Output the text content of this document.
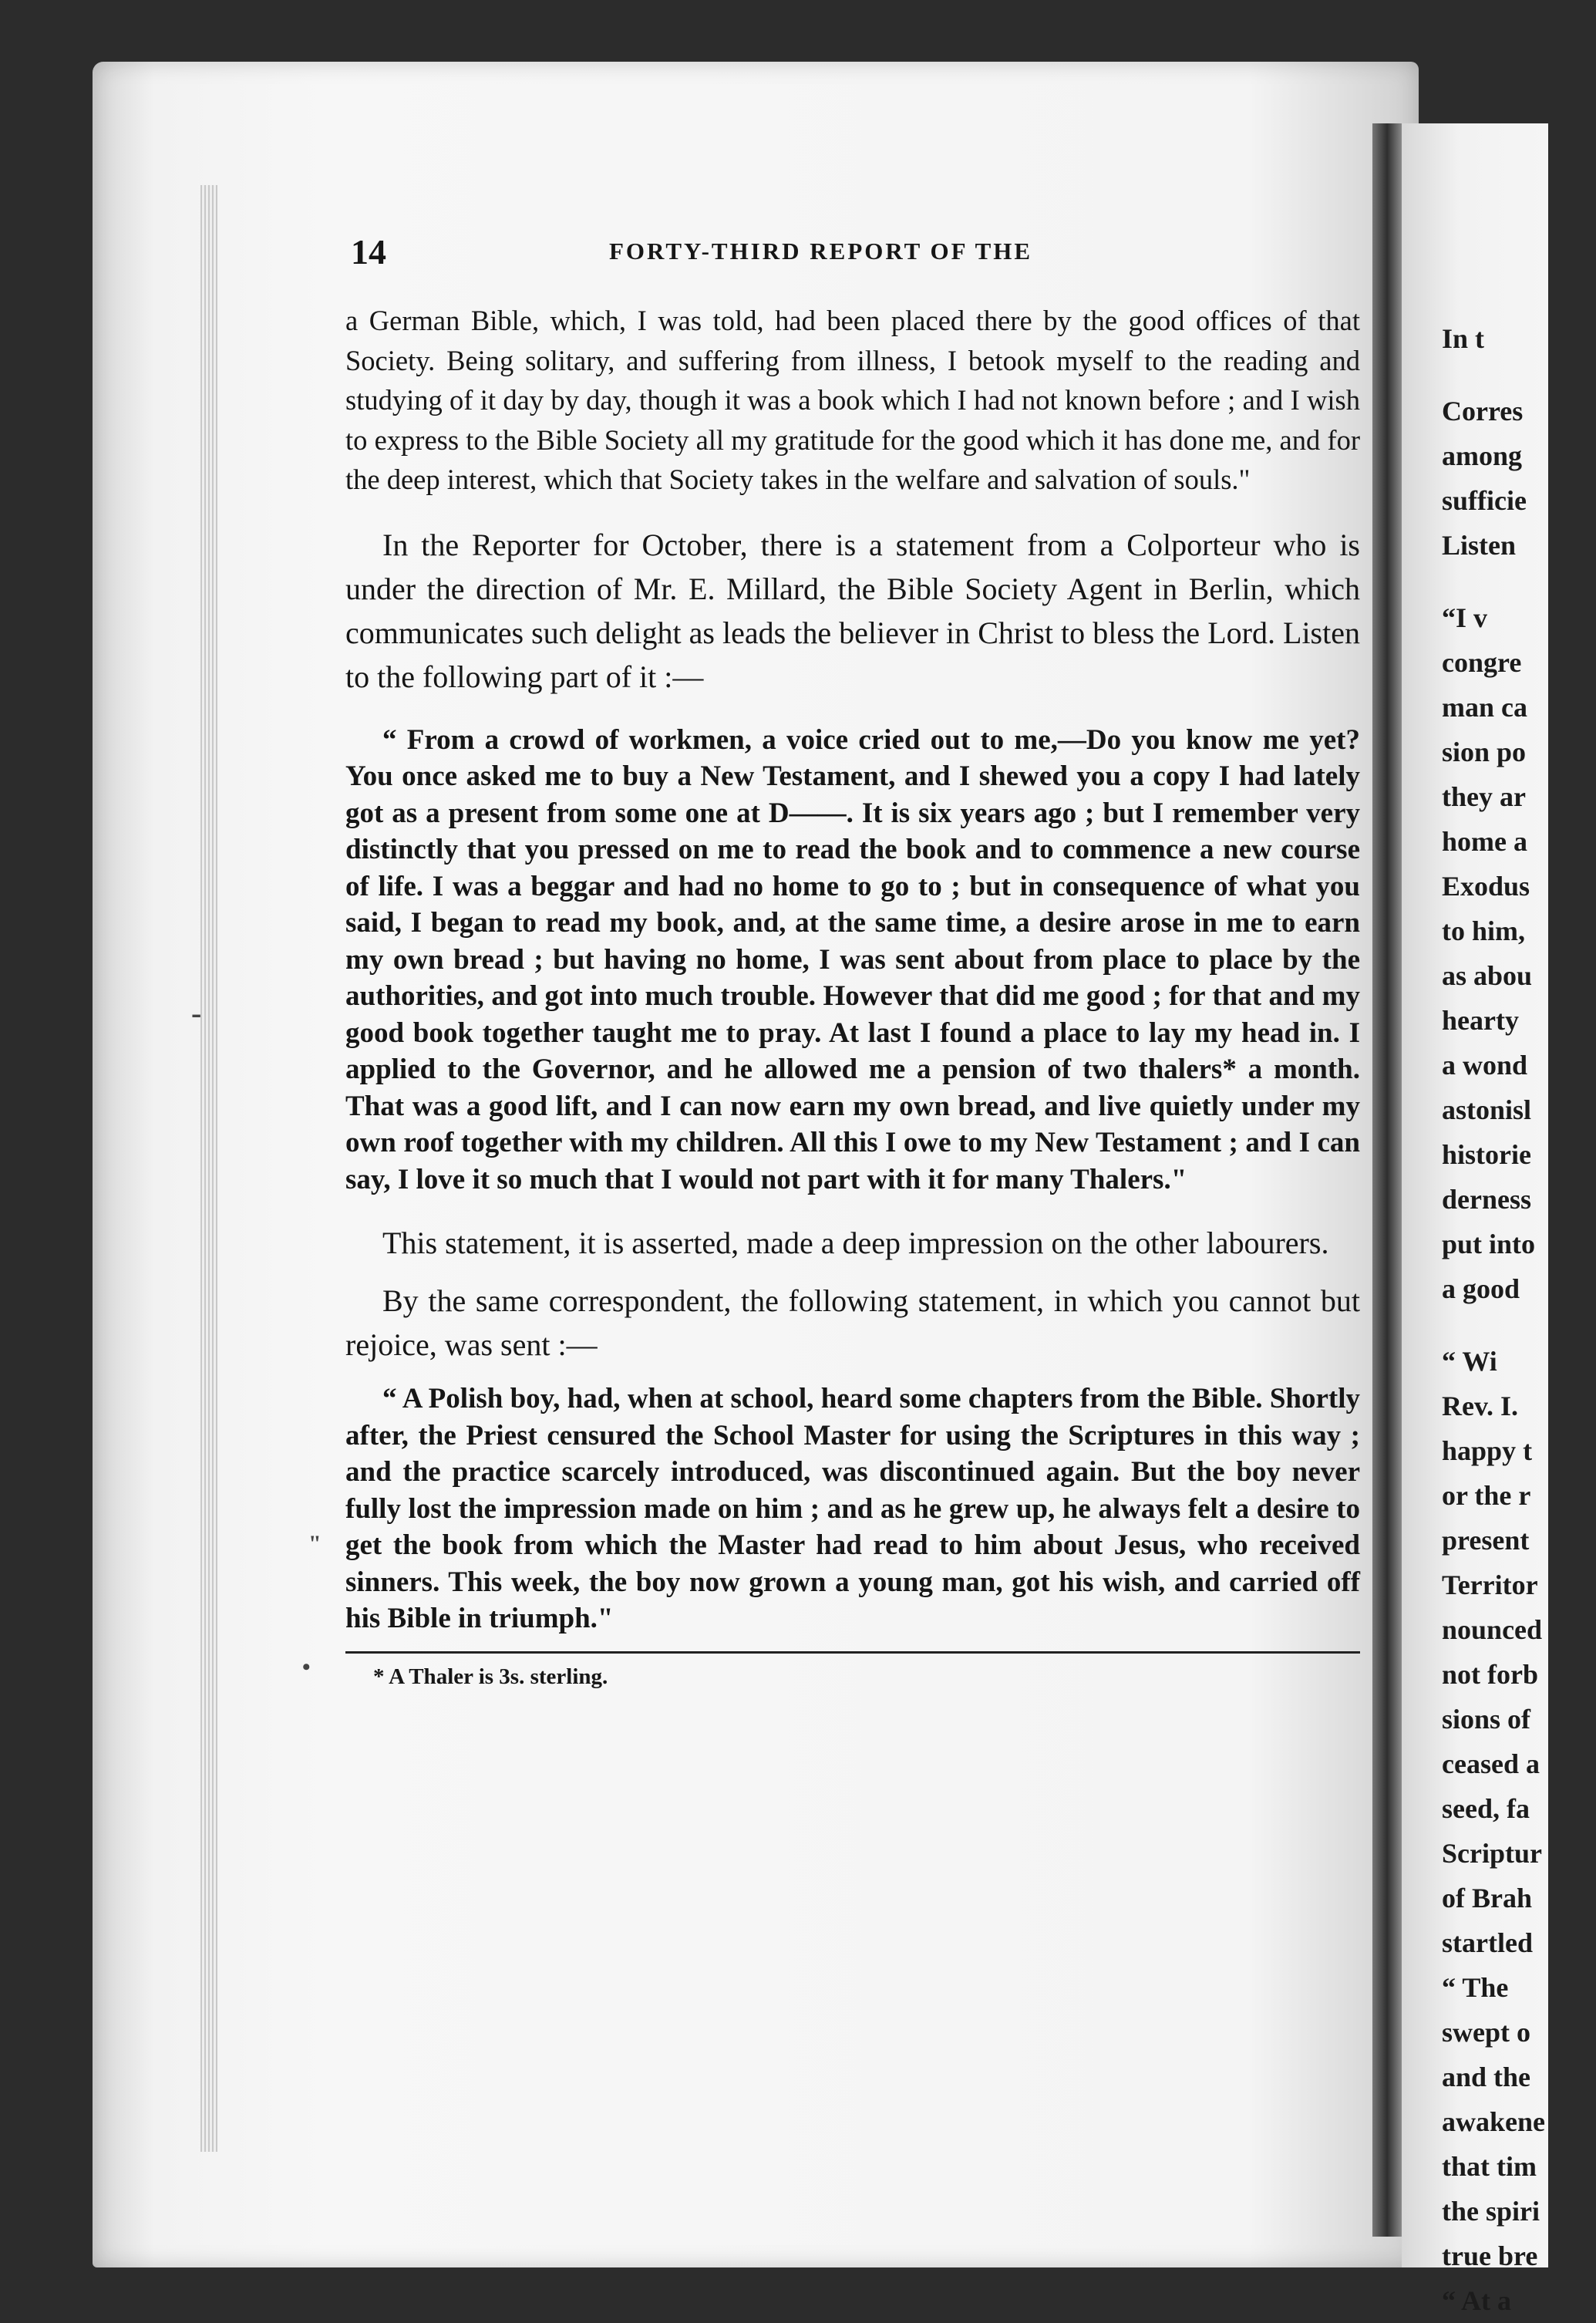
In t
Corres
among
sufficie
Listen
“I v
congre
man ca
sion po
they ar
home a
Exodus
to him,
as abou
hearty
a wond
astonisl
historie
derness
put into
a good
“ Wi
Rev. I.
happy t
or the r
present
Territor
nounced
not forb
sions of
ceased a
seed, fa
Scriptur
of Brah
startled
“ The
swept o
and the
awakene
that tim
the spiri
true bre
“ At a
14	FORTY-THIRD REPORT OF THE
-
"
•

a German Bible, which, I was told, had been placed there by the good offices of that Society. Being solitary, and suffering from illness, I betook myself to the reading and studying of it day by day, though it was a book which I had not known before ; and I wish to express to the Bible Society all my gratitude for the good which it has done me, and for the deep interest, which that Society takes in the welfare and salvation of souls."

In the Reporter for October, there is a statement from a Colporteur who is under the direction of Mr. E. Millard, the Bible Society Agent in Berlin, which communicates such delight as leads the believer in Christ to bless the Lord. Listen to the following part of it :—

“ From a crowd of workmen, a voice cried out to me,—Do you know me yet? You once asked me to buy a New Testament, and I shewed you a copy I had lately got as a present from some one at D——. It is six years ago ; but I remember very distinctly that you pressed on me to read the book and to commence a new course of life. I was a beggar and had no home to go to ; but in consequence of what you said, I began to read my book, and, at the same time, a desire arose in me to earn my own bread ; but having no home, I was sent about from place to place by the authorities, and got into much trouble. However that did me good ; for that and my good book together taught me to pray. At last I found a place to lay my head in. I applied to the Governor, and he allowed me a pension of two thalers* a month. That was a good lift, and I can now earn my own bread, and live quietly under my own roof together with my children. All this I owe to my New Testament ; and I can say, I love it so much that I would not part with it for many Thalers."

This statement, it is asserted, made a deep impression on the other labourers.

By the same correspondent, the following statement, in which you cannot but rejoice, was sent :—

“ A Polish boy, had, when at school, heard some chapters from the Bible. Shortly after, the Priest censured the School Master for using the Scriptures in this way ; and the practice scarcely introduced, was discontinued again. But the boy never fully lost the impression made on him ; and as he grew up, he always felt a desire to get the book from which the Master had read to him about Jesus, who received sinners. This week, the boy now grown a young man, got his wish, and carried off his Bible in triumph."

* A Thaler is 3s. sterling.
